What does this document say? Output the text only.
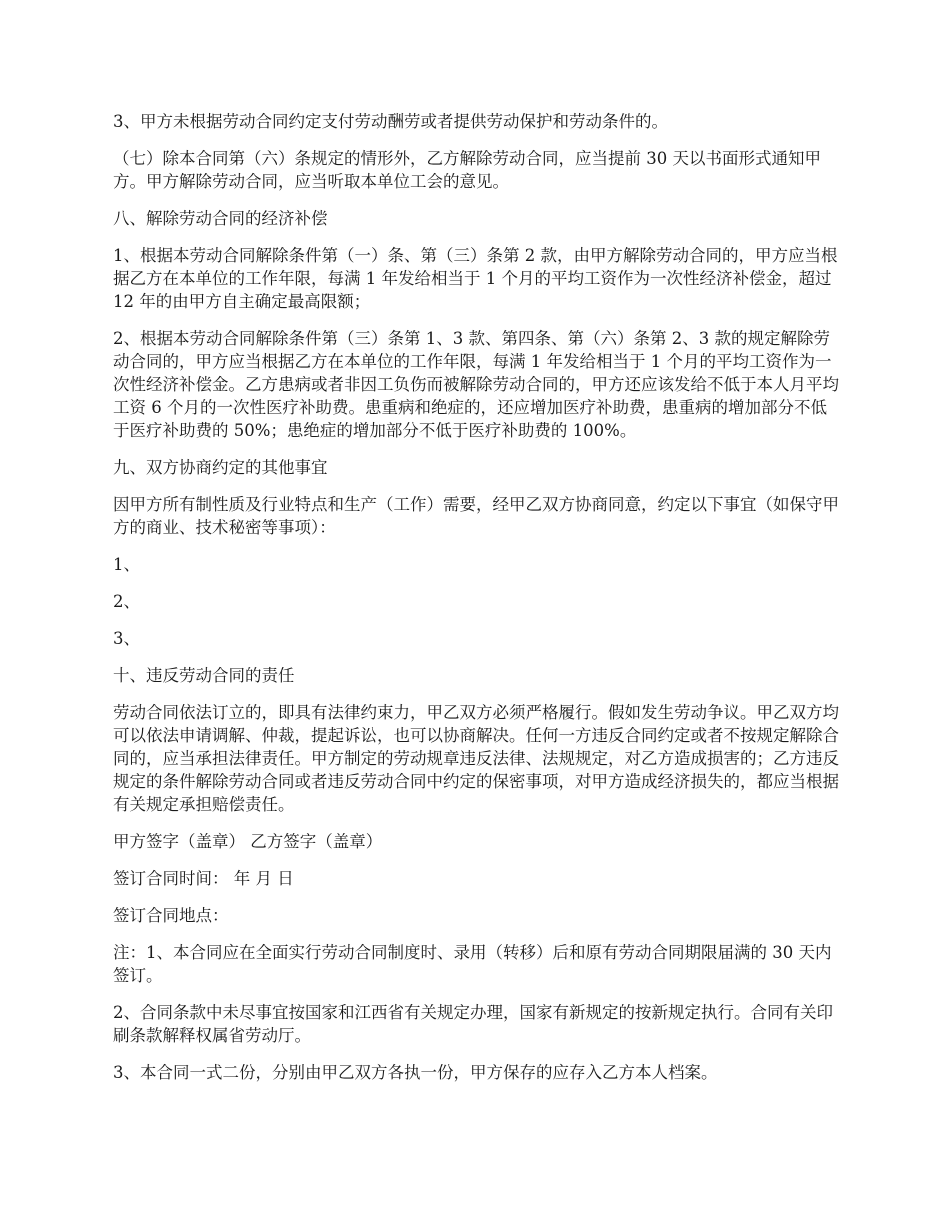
3、甲方未根据劳动合同约定支付劳动酬劳或者提供劳动保护和劳动条件的。

（七）除本合同第（六）条规定的情形外，乙方解除劳动合同，应当提前 30 天以书面形式通知甲方。甲方解除劳动合同，应当听取本单位工会的意见。

八、解除劳动合同的经济补偿

1、根据本劳动合同解除条件第（一）条、第（三）条第 2 款，由甲方解除劳动合同的，甲方应当根据乙方在本单位的工作年限，每满 1 年发给相当于 1 个月的平均工资作为一次性经济补偿金，超过 12 年的由甲方自主确定最高限额；

2、根据本劳动合同解除条件第（三）条第 1、3 款、第四条、第（六）条第 2、3 款的规定解除劳动合同的，甲方应当根据乙方在本单位的工作年限，每满 1 年发给相当于 1 个月的平均工资作为一次性经济补偿金。乙方患病或者非因工负伤而被解除劳动合同的，甲方还应该发给不低于本人月平均工资 6 个月的一次性医疗补助费。患重病和绝症的，还应增加医疗补助费，患重病的增加部分不低于医疗补助费的 50%；患绝症的增加部分不低于医疗补助费的 100%。

九、双方协商约定的其他事宜

因甲方所有制性质及行业特点和生产（工作）需要，经甲乙双方协商同意，约定以下事宜（如保守甲方的商业、技术秘密等事项）：

1、

2、

3、

十、违反劳动合同的责任

劳动合同依法订立的，即具有法律约束力，甲乙双方必须严格履行。假如发生劳动争议。甲乙双方均可以依法申请调解、仲裁，提起诉讼，也可以协商解决。任何一方违反合同约定或者不按规定解除合同的，应当承担法律责任。甲方制定的劳动规章违反法律、法规规定，对乙方造成损害的；乙方违反规定的条件解除劳动合同或者违反劳动合同中约定的保密事项，对甲方造成经济损失的，都应当根据有关规定承担赔偿责任。

甲方签字（盖章） 乙方签字（盖章）

签订合同时间： 年 月 日

签订合同地点：

注：1、本合同应在全面实行劳动合同制度时、录用（转移）后和原有劳动合同期限届满的 30 天内签订。

2、合同条款中未尽事宜按国家和江西省有关规定办理，国家有新规定的按新规定执行。合同有关印刷条款解释权属省劳动厅。

3、本合同一式二份，分别由甲乙双方各执一份，甲方保存的应存入乙方本人档案。
